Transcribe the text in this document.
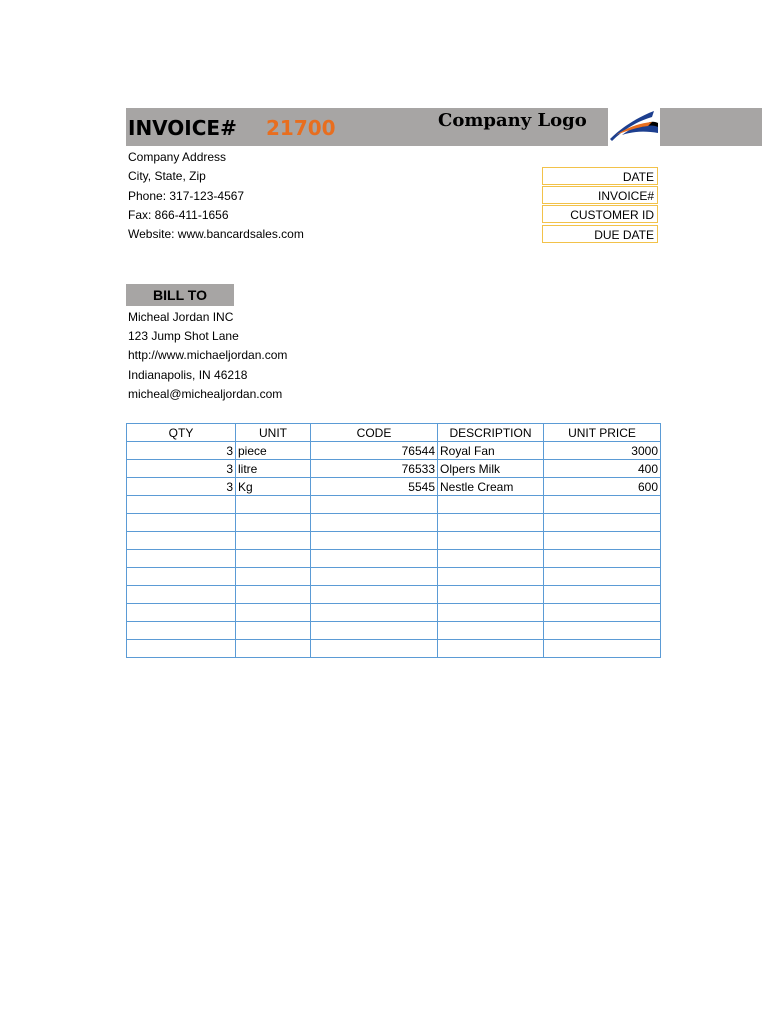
INVOICE# 21700	Company Logo
Company Address
City, State, Zip
Phone: 317-123-4567
Fax: 866-411-1656
Website: www.bancardsales.com
DATE
INVOICE#
CUSTOMER ID
DUE DATE
BILL TO
Micheal Jordan INC
123 Jump Shot Lane
http://www.michaeljordan.com
Indianapolis, IN 46218
micheal@michealjordan.com
QTY	UNIT	CODE	DESCRIPTION	UNIT PRICE
3	piece	76544	Royal Fan	3000
3	litre	76533	Olpers Milk	400
3	Kg	5545	Nestle Cream	600
